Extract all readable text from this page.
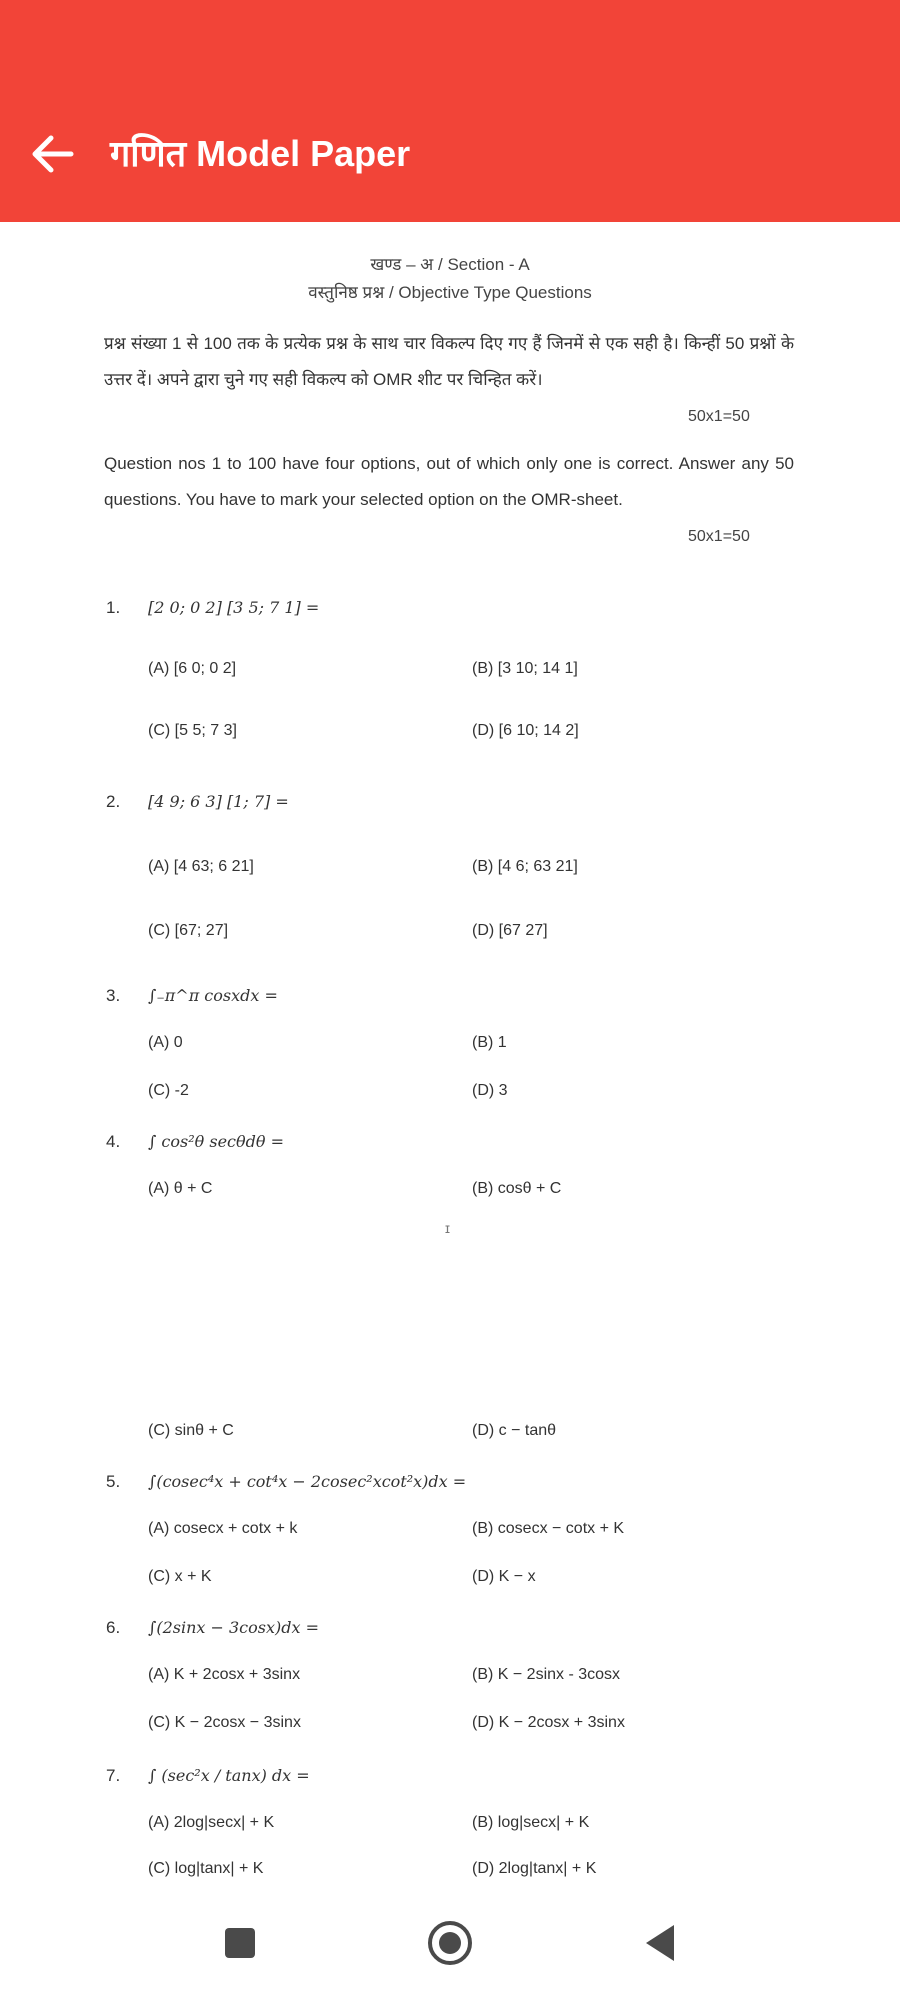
गणित Model Paper
खण्ड – अ / Section - A
वस्तुनिष्ठ प्रश्न / Objective Type Questions
प्रश्न संख्या 1 से 100 तक के प्रत्येक प्रश्न के साथ चार विकल्प दिए गए हैं जिनमें से एक सही है। किन्हीं 50 प्रश्नों के उत्तर दें। अपने द्वारा चुने गए सही विकल्प को OMR शीट पर चिन्हित करें।
50x1=50
Question nos 1 to 100 have four options, out of which only one is correct. Answer any 50 questions. You have to mark your selected option on the OMR-sheet.
50x1=50
1. [2 0; 0 2] [3 5; 7 1] =
(A) [6 0; 0 2]	(B) [3 10; 14 1]
(C) [5 5; 7 3]	(D) [6 10; 14 2]
2. [4 9; 6 3] [1; 7] =
(A) [4 63; 6 21]	(B) [4 6; 63 21]
(C) [67; 27]	(D) [67 27]
3. ∫₋π^π cosxdx =
(A) 0	(B) 1
(C) -2	(D) 3
4. ∫ cos²θ secθdθ =
(A) θ + C	(B) cosθ + C
ɪ
(C) sinθ + C	(D) c − tanθ
5. ∫(cosec⁴x + cot⁴x − 2cosec²xcot²x)dx =
(A) cosecx + cotx + k	(B) cosecx − cotx + K
(C) x + K	(D) K − x
6. ∫(2sinx − 3cosx)dx =
(A) K + 2cosx + 3sinx	(B) K − 2sinx - 3cosx
(C) K − 2cosx − 3sinx	(D) K − 2cosx + 3sinx
7. ∫ (sec²x / tanx) dx =
(A) 2log|secx| + K	(B) log|secx| + K
(C) log|tanx| + K	(D) 2log|tanx| + K
